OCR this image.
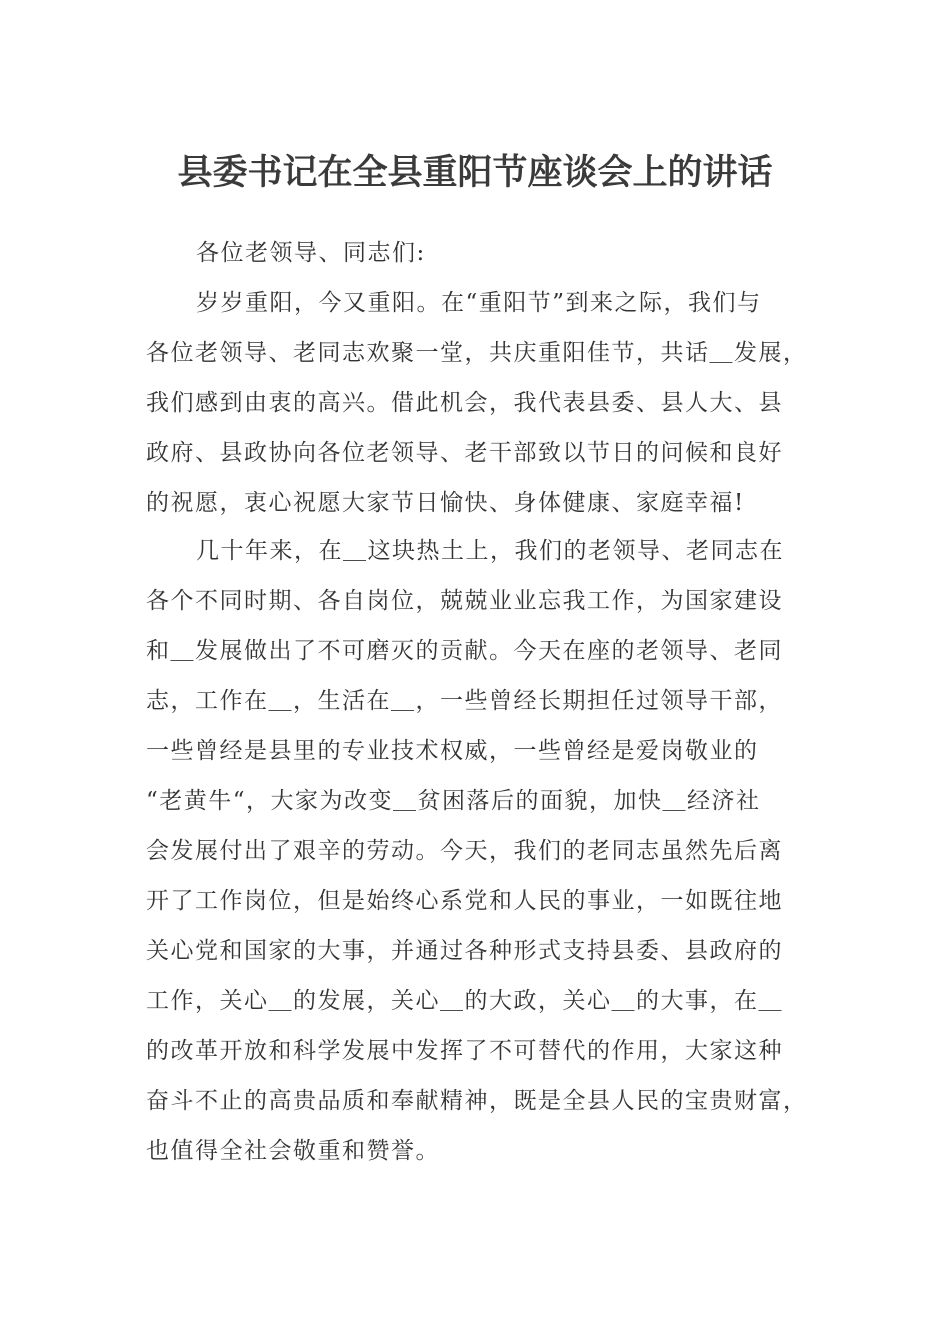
县委书记在全县重阳节座谈会上的讲话
各位老领导、同志们:
岁岁重阳，今又重阳。在“重阳节”到来之际，我们与
各位老领导、老同志欢聚一堂，共庆重阳佳节，共话＿发展，
我们感到由衷的高兴。借此机会，我代表县委、县人大、县
政府、县政协向各位老领导、老干部致以节日的问候和良好
的祝愿，衷心祝愿大家节日愉快、身体健康、家庭幸福!
几十年来，在＿这块热土上，我们的老领导、老同志在
各个不同时期、各自岗位，兢兢业业忘我工作，为国家建设
和＿发展做出了不可磨灭的贡献。今天在座的老领导、老同
志，工作在＿，生活在＿，一些曾经长期担任过领导干部，
一些曾经是县里的专业技术权威，一些曾经是爱岗敬业的
“老黄牛“，大家为改变＿贫困落后的面貌，加快＿经济社
会发展付出了艰辛的劳动。今天，我们的老同志虽然先后离
开了工作岗位，但是始终心系党和人民的事业，一如既往地
关心党和国家的大事，并通过各种形式支持县委、县政府的
工作，关心＿的发展，关心＿的大政，关心＿的大事，在＿
的改革开放和科学发展中发挥了不可替代的作用，大家这种
奋斗不止的高贵品质和奉献精神，既是全县人民的宝贵财富，
也值得全社会敬重和赞誉。
